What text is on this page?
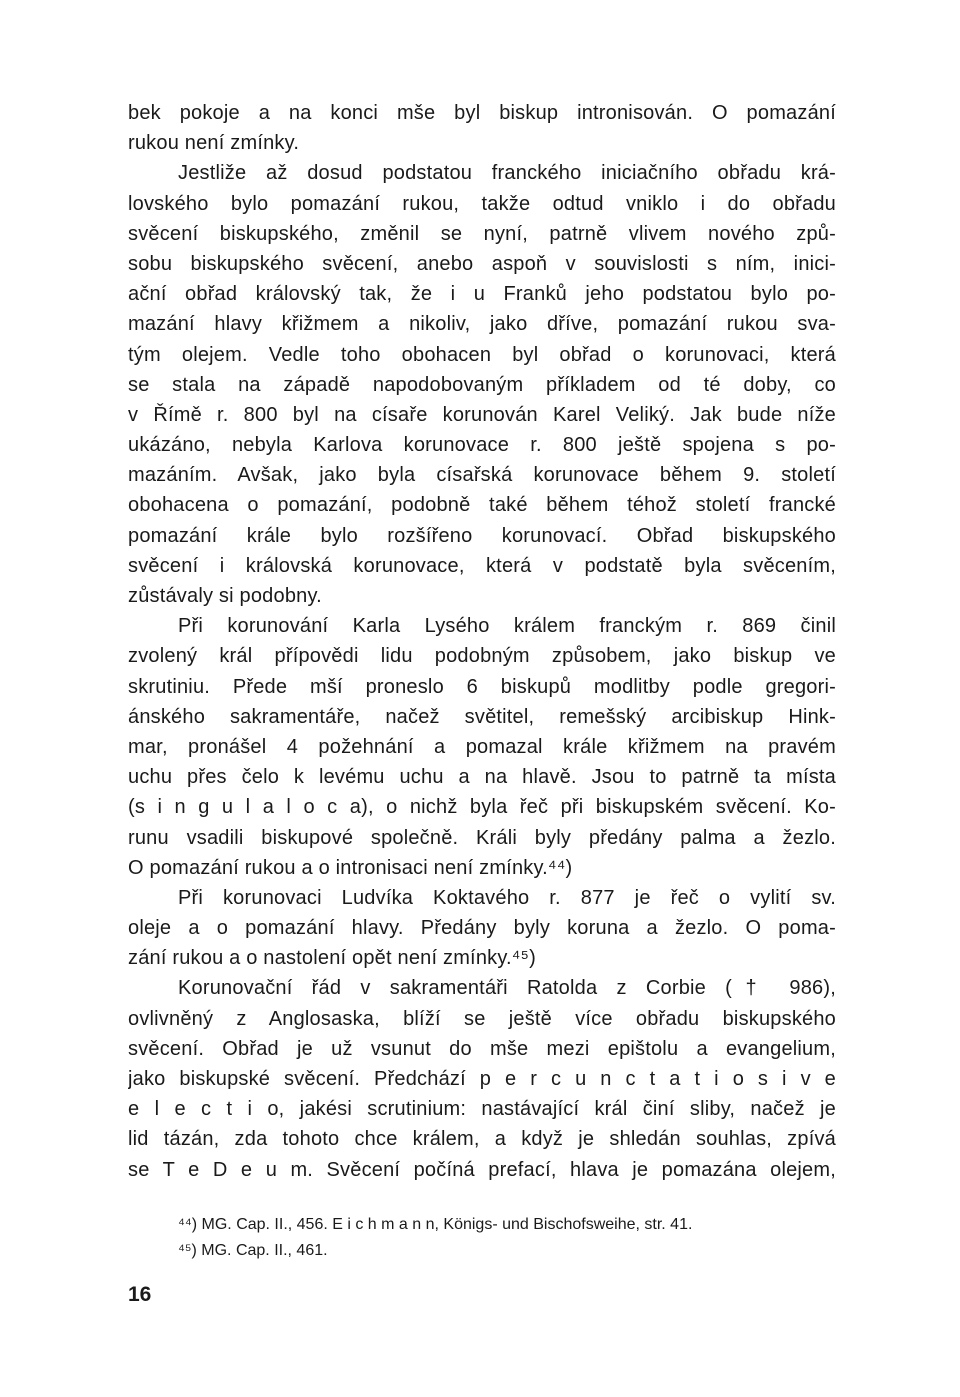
bek pokoje a na konci mše byl biskup intronisován. O pomazání
rukou není zmínky.
Jestliže až dosud podstatou franckého iniciačního obřadu krá-
lovského bylo pomazání rukou, takže odtud vniklo i do obřadu
svěcení biskupského, změnil se nyní, patrně vlivem nového způ-
sobu biskupského svěcení, anebo aspoň v souvislosti s ním, inici-
ační obřad královský tak, že i u Franků jeho podstatou bylo po-
mazání hlavy křižmem a nikoliv, jako dříve, pomazání rukou sva-
tým olejem. Vedle toho obohacen byl obřad o korunovaci, která
se stala na západě napodobovaným příkladem od té doby, co
v Římě r. 800 byl na císaře korunován Karel Veliký. Jak bude níže
ukázáno, nebyla Karlova korunovace r. 800 ještě spojena s po-
mazáním. Avšak, jako byla císařská korunovace během 9. století
obohacena o pomazání, podobně také během téhož století francké
pomazání krále bylo rozšířeno korunovací. Obřad biskupského
svěcení i královská korunovace, která v podstatě byla svěcením,
zůstávaly si podobny.
Při korunování Karla Lysého králem franckým r. 869 činil
zvolený král přípovědi lidu podobným způsobem, jako biskup ve
skrutiniu. Přede mší proneslo 6 biskupů modlitby podle gregori-
ánského sakramentáře, načež světitel, remešský arcibiskup Hink-
mar, pronášel 4 požehnání a pomazal krále křižmem na pravém
uchu přes čelo k levému uchu a na hlavě. Jsou to patrně ta místa
(s i n g u l a l o c a), o nichž byla řeč při biskupském svěcení. Ko-
runu vsadili biskupové společně. Králi byly předány palma a žezlo.
O pomazání rukou a o intronisaci není zmínky.⁴⁴)
Při korunovaci Ludvíka Koktavého r. 877 je řeč o vylití sv.
oleje a o pomazání hlavy. Předány byly koruna a žezlo. O poma-
zání rukou a o nastolení opět není zmínky.⁴⁵)
Korunovační řád v sakramentáři Ratolda z Corbie († 986),
ovlivněný z Anglosaska, blíží se ještě více obřadu biskupského
svěcení. Obřad je už vsunut do mše mezi epištolu a evangelium,
jako biskupské svěcení. Předchází p e r c u n c t a t i o s i v e
e l e c t i o, jakési scrutinium: nastávající král činí sliby, načež je
lid tázán, zda tohoto chce králem, a když je shledán souhlas, zpívá
se T e D e u m. Svěcení počíná prefací, hlava je pomazána olejem,
⁴⁴) MG. Cap. II., 456. E i c h m a n n, Königs- und Bischofsweihe, str. 41.
⁴⁵) MG. Cap. II., 461.
16
